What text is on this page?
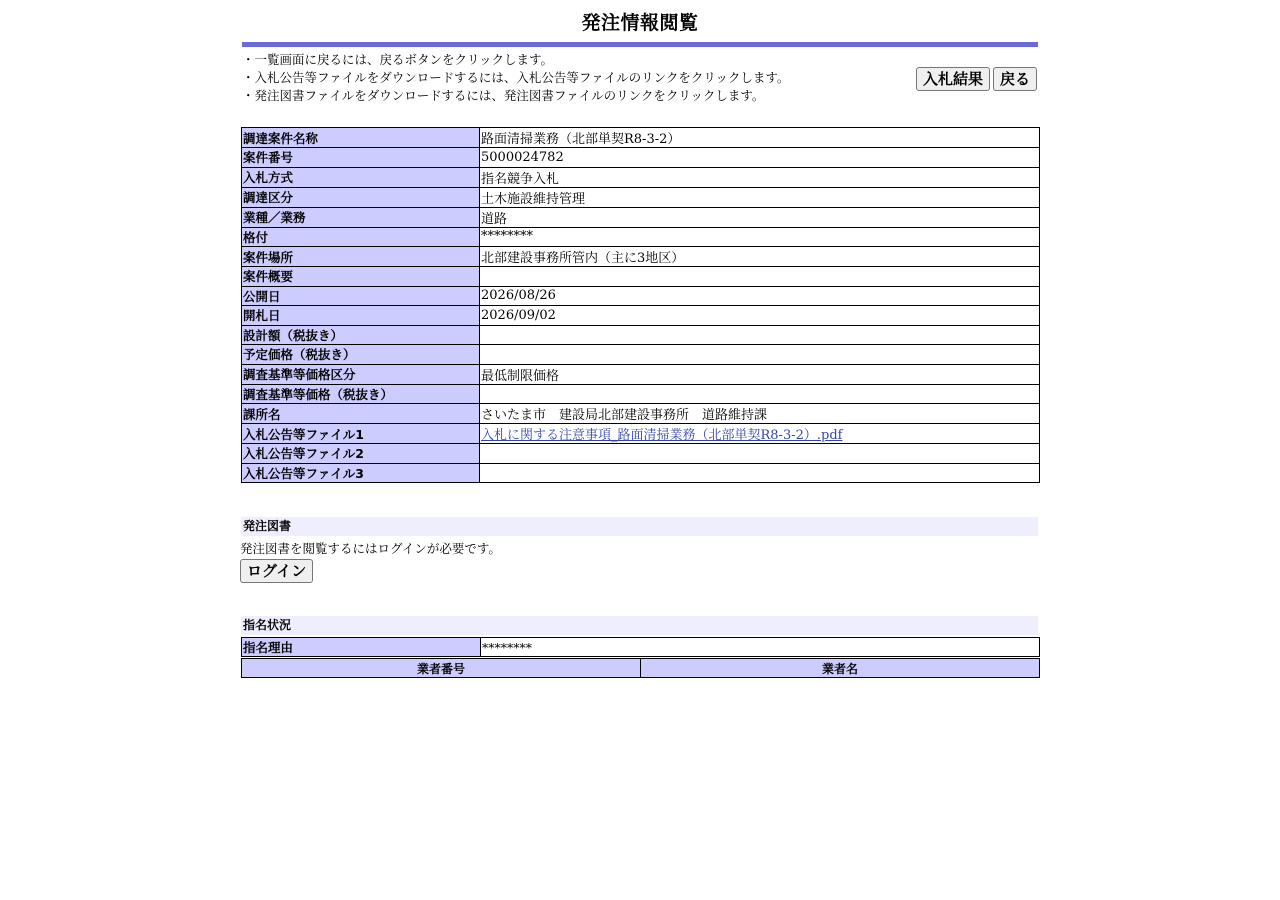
発注情報閲覧
・一覧画面に戻るには、戻るボタンをクリックします。
・入札公告等ファイルをダウンロードするには、入札公告等ファイルのリンクをクリックします。
・発注図書ファイルをダウンロードするには、発注図書ファイルのリンクをクリックします。
入札結果	戻る
調達案件名称	路面清掃業務（北部単契R8-3-2）
案件番号	5000024782
入札方式	指名競争入札
調達区分	土木施設維持管理
業種／業務	道路
格付	********
案件場所	北部建設事務所管内（主に3地区）
案件概要	
公開日	2026/08/26
開札日	2026/09/02
設計額（税抜き）	
予定価格（税抜き）	
調査基準等価格区分	最低制限価格
調査基準等価格（税抜き）	
課所名	さいたま市　建設局北部建設事務所　道路維持課
入札公告等ファイル1	入札に関する注意事項_路面清掃業務（北部単契R8-3-2）.pdf
入札公告等ファイル2	
入札公告等ファイル3	
発注図書
発注図書を閲覧するにはログインが必要です。
ログイン
指名状況
指名理由	********
業者番号	業者名
